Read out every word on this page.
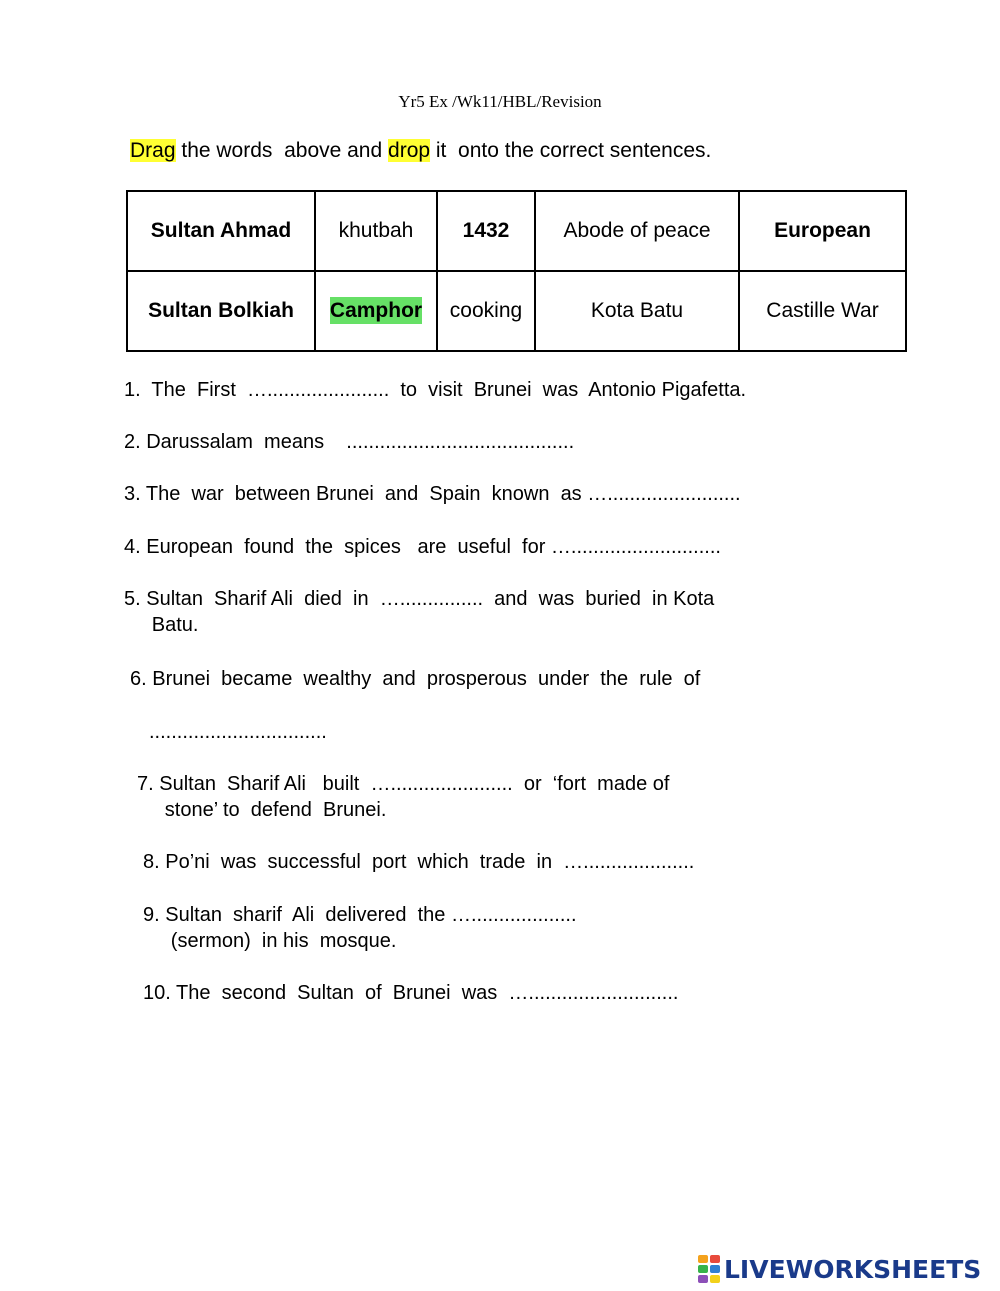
Yr5 Ex /Wk11/HBL/Revision
Drag the words  above and drop it  onto the correct sentences.
Sultan Ahmad	khutbah	1432	Abode of peace	European
Sultan Bolkiah	Camphor	cooking	Kota Batu	Castille War
1.  The  First  …......................  to  visit  Brunei  was  Antonio Pigafetta.
2. Darussalam  means    .........................................
3. The  war  between Brunei  and  Spain  known  as …........................
4. European  found  the  spices   are  useful  for …...........................
5. Sultan  Sharif Ali  died  in  …...............  and  was  buried  in Kota
Batu.
6. Brunei  became  wealthy  and  prosperous  under  the  rule  of
................................
7. Sultan  Sharif Ali   built  …......................  or  ‘fort  made of
stone’ to  defend  Brunei.
8. Po’ni  was  successful  port  which  trade  in  …....................
9. Sultan  sharif  Ali  delivered  the …...................
(sermon)  in his  mosque.
10. The  second  Sultan  of  Brunei  was  …...........................
LIVEWORKSHEETS
